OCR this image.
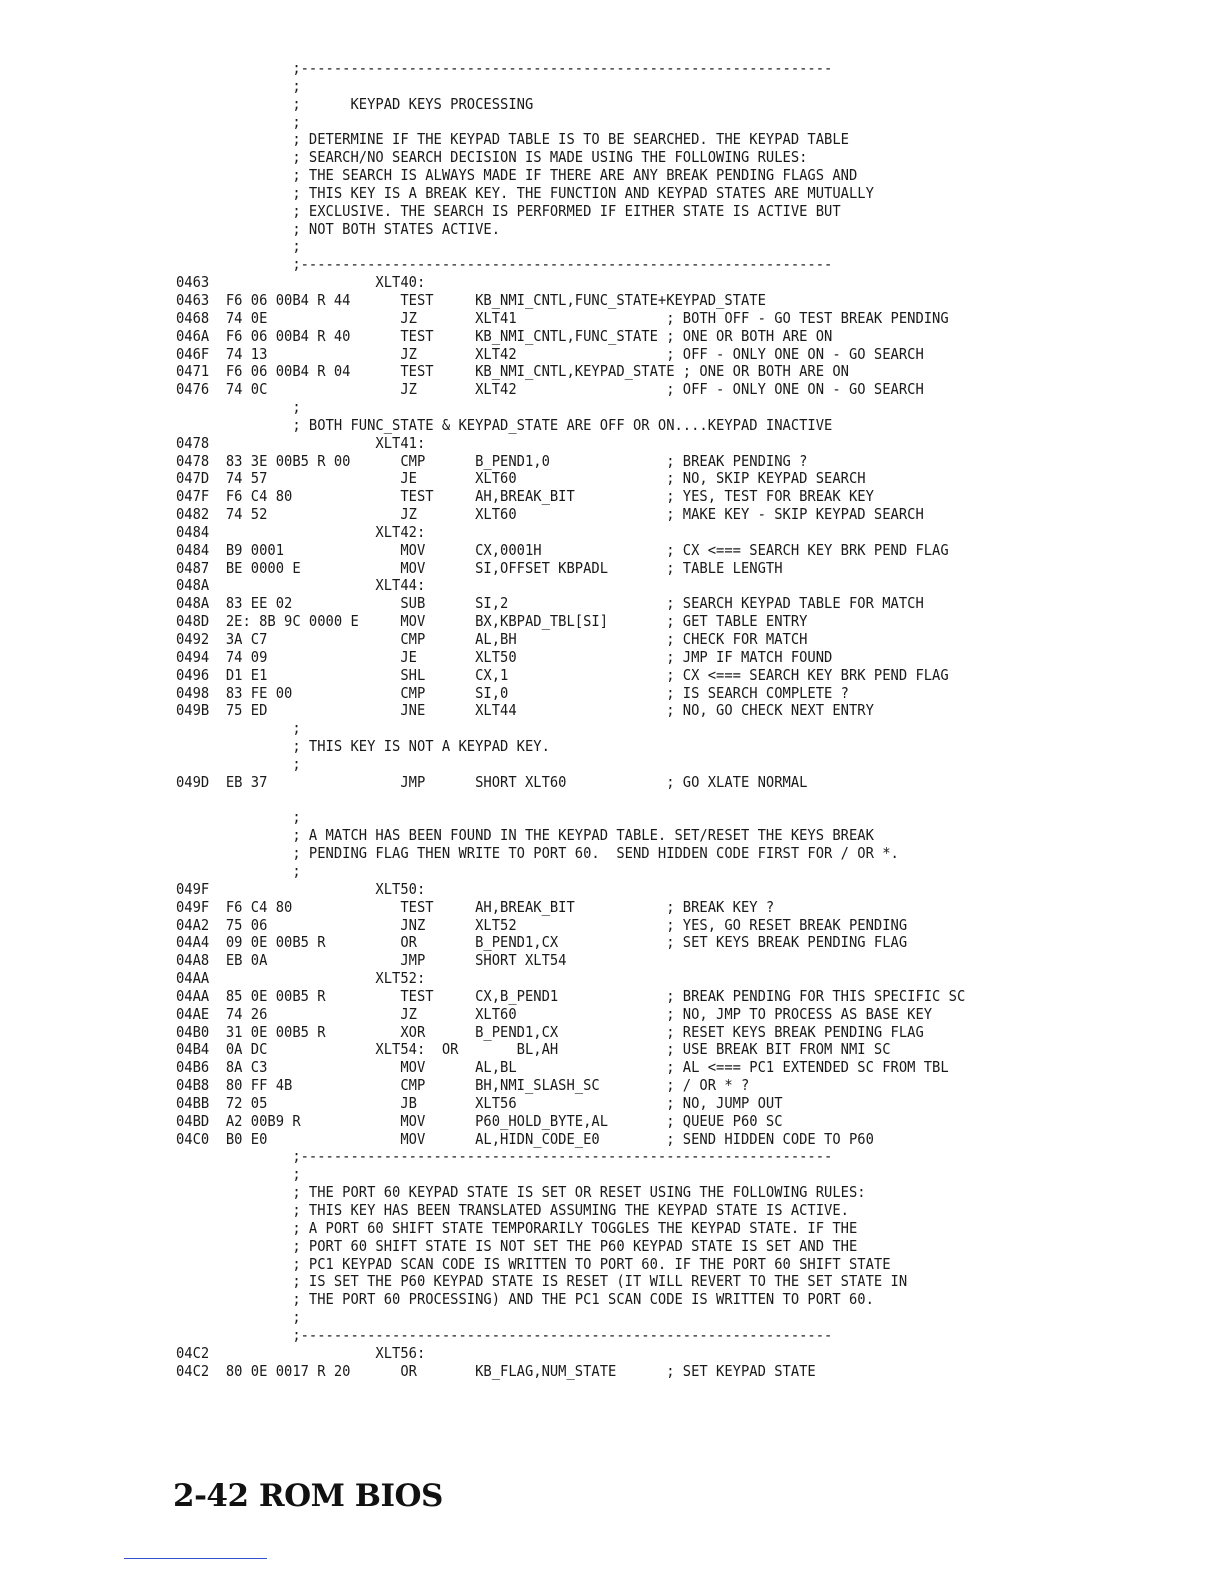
;----------------------------------------------------------------
;
;      KEYPAD KEYS PROCESSING
;
; DETERMINE IF THE KEYPAD TABLE IS TO BE SEARCHED. THE KEYPAD TABLE
; SEARCH/NO SEARCH DECISION IS MADE USING THE FOLLOWING RULES:
; THE SEARCH IS ALWAYS MADE IF THERE ARE ANY BREAK PENDING FLAGS AND
; THIS KEY IS A BREAK KEY. THE FUNCTION AND KEYPAD STATES ARE MUTUALLY
; EXCLUSIVE. THE SEARCH IS PERFORMED IF EITHER STATE IS ACTIVE BUT
; NOT BOTH STATES ACTIVE.
;
;----------------------------------------------------------------
0463                    XLT40:
0463  F6 06 00B4 R 44      TEST     KB_NMI_CNTL,FUNC_STATE+KEYPAD_STATE
0468  74 0E                JZ       XLT41                  ; BOTH OFF - GO TEST BREAK PENDING
046A  F6 06 00B4 R 40      TEST     KB_NMI_CNTL,FUNC_STATE ; ONE OR BOTH ARE ON
046F  74 13                JZ       XLT42                  ; OFF - ONLY ONE ON - GO SEARCH
0471  F6 06 00B4 R 04      TEST     KB_NMI_CNTL,KEYPAD_STATE ; ONE OR BOTH ARE ON
0476  74 0C                JZ       XLT42                  ; OFF - ONLY ONE ON - GO SEARCH
;
; BOTH FUNC_STATE & KEYPAD_STATE ARE OFF OR ON....KEYPAD INACTIVE
0478                    XLT41:
0478  83 3E 00B5 R 00      CMP      B_PEND1,0              ; BREAK PENDING ?
047D  74 57                JE       XLT60                  ; NO, SKIP KEYPAD SEARCH
047F  F6 C4 80             TEST     AH,BREAK_BIT           ; YES, TEST FOR BREAK KEY
0482  74 52                JZ       XLT60                  ; MAKE KEY - SKIP KEYPAD SEARCH
0484                    XLT42:
0484  B9 0001              MOV      CX,0001H               ; CX <=== SEARCH KEY BRK PEND FLAG
0487  BE 0000 E            MOV      SI,OFFSET KBPADL       ; TABLE LENGTH
048A                    XLT44:
048A  83 EE 02             SUB      SI,2                   ; SEARCH KEYPAD TABLE FOR MATCH
048D  2E: 8B 9C 0000 E     MOV      BX,KBPAD_TBL[SI]       ; GET TABLE ENTRY
0492  3A C7                CMP      AL,BH                  ; CHECK FOR MATCH
0494  74 09                JE       XLT50                  ; JMP IF MATCH FOUND
0496  D1 E1                SHL      CX,1                   ; CX <=== SEARCH KEY BRK PEND FLAG
0498  83 FE 00             CMP      SI,0                   ; IS SEARCH COMPLETE ?
049B  75 ED                JNE      XLT44                  ; NO, GO CHECK NEXT ENTRY
;
; THIS KEY IS NOT A KEYPAD KEY.
;
049D  EB 37                JMP      SHORT XLT60            ; GO XLATE NORMAL

;
; A MATCH HAS BEEN FOUND IN THE KEYPAD TABLE. SET/RESET THE KEYS BREAK
; PENDING FLAG THEN WRITE TO PORT 60.  SEND HIDDEN CODE FIRST FOR / OR *.
;
049F                    XLT50:
049F  F6 C4 80             TEST     AH,BREAK_BIT           ; BREAK KEY ?
04A2  75 06                JNZ      XLT52                  ; YES, GO RESET BREAK PENDING
04A4  09 0E 00B5 R         OR       B_PEND1,CX             ; SET KEYS BREAK PENDING FLAG
04A8  EB 0A                JMP      SHORT XLT54
04AA                    XLT52:
04AA  85 0E 00B5 R         TEST     CX,B_PEND1             ; BREAK PENDING FOR THIS SPECIFIC SC
04AE  74 26                JZ       XLT60                  ; NO, JMP TO PROCESS AS BASE KEY
04B0  31 0E 00B5 R         XOR      B_PEND1,CX             ; RESET KEYS BREAK PENDING FLAG
04B4  0A DC             XLT54:  OR       BL,AH             ; USE BREAK BIT FROM NMI SC
04B6  8A C3                MOV      AL,BL                  ; AL <=== PC1 EXTENDED SC FROM TBL
04B8  80 FF 4B             CMP      BH,NMI_SLASH_SC        ; / OR * ?
04BB  72 05                JB       XLT56                  ; NO, JUMP OUT
04BD  A2 00B9 R            MOV      P60_HOLD_BYTE,AL       ; QUEUE P60 SC
04C0  B0 E0                MOV      AL,HIDN_CODE_E0        ; SEND HIDDEN CODE TO P60
;----------------------------------------------------------------
;
; THE PORT 60 KEYPAD STATE IS SET OR RESET USING THE FOLLOWING RULES:
; THIS KEY HAS BEEN TRANSLATED ASSUMING THE KEYPAD STATE IS ACTIVE.
; A PORT 60 SHIFT STATE TEMPORARILY TOGGLES THE KEYPAD STATE. IF THE
; PORT 60 SHIFT STATE IS NOT SET THE P60 KEYPAD STATE IS SET AND THE
; PC1 KEYPAD SCAN CODE IS WRITTEN TO PORT 60. IF THE PORT 60 SHIFT STATE
; IS SET THE P60 KEYPAD STATE IS RESET (IT WILL REVERT TO THE SET STATE IN
; THE PORT 60 PROCESSING) AND THE PC1 SCAN CODE IS WRITTEN TO PORT 60.
;
;----------------------------------------------------------------
04C2                    XLT56:
04C2  80 0E 0017 R 20      OR       KB_FLAG,NUM_STATE      ; SET KEYPAD STATE
2-42 ROM BIOS
